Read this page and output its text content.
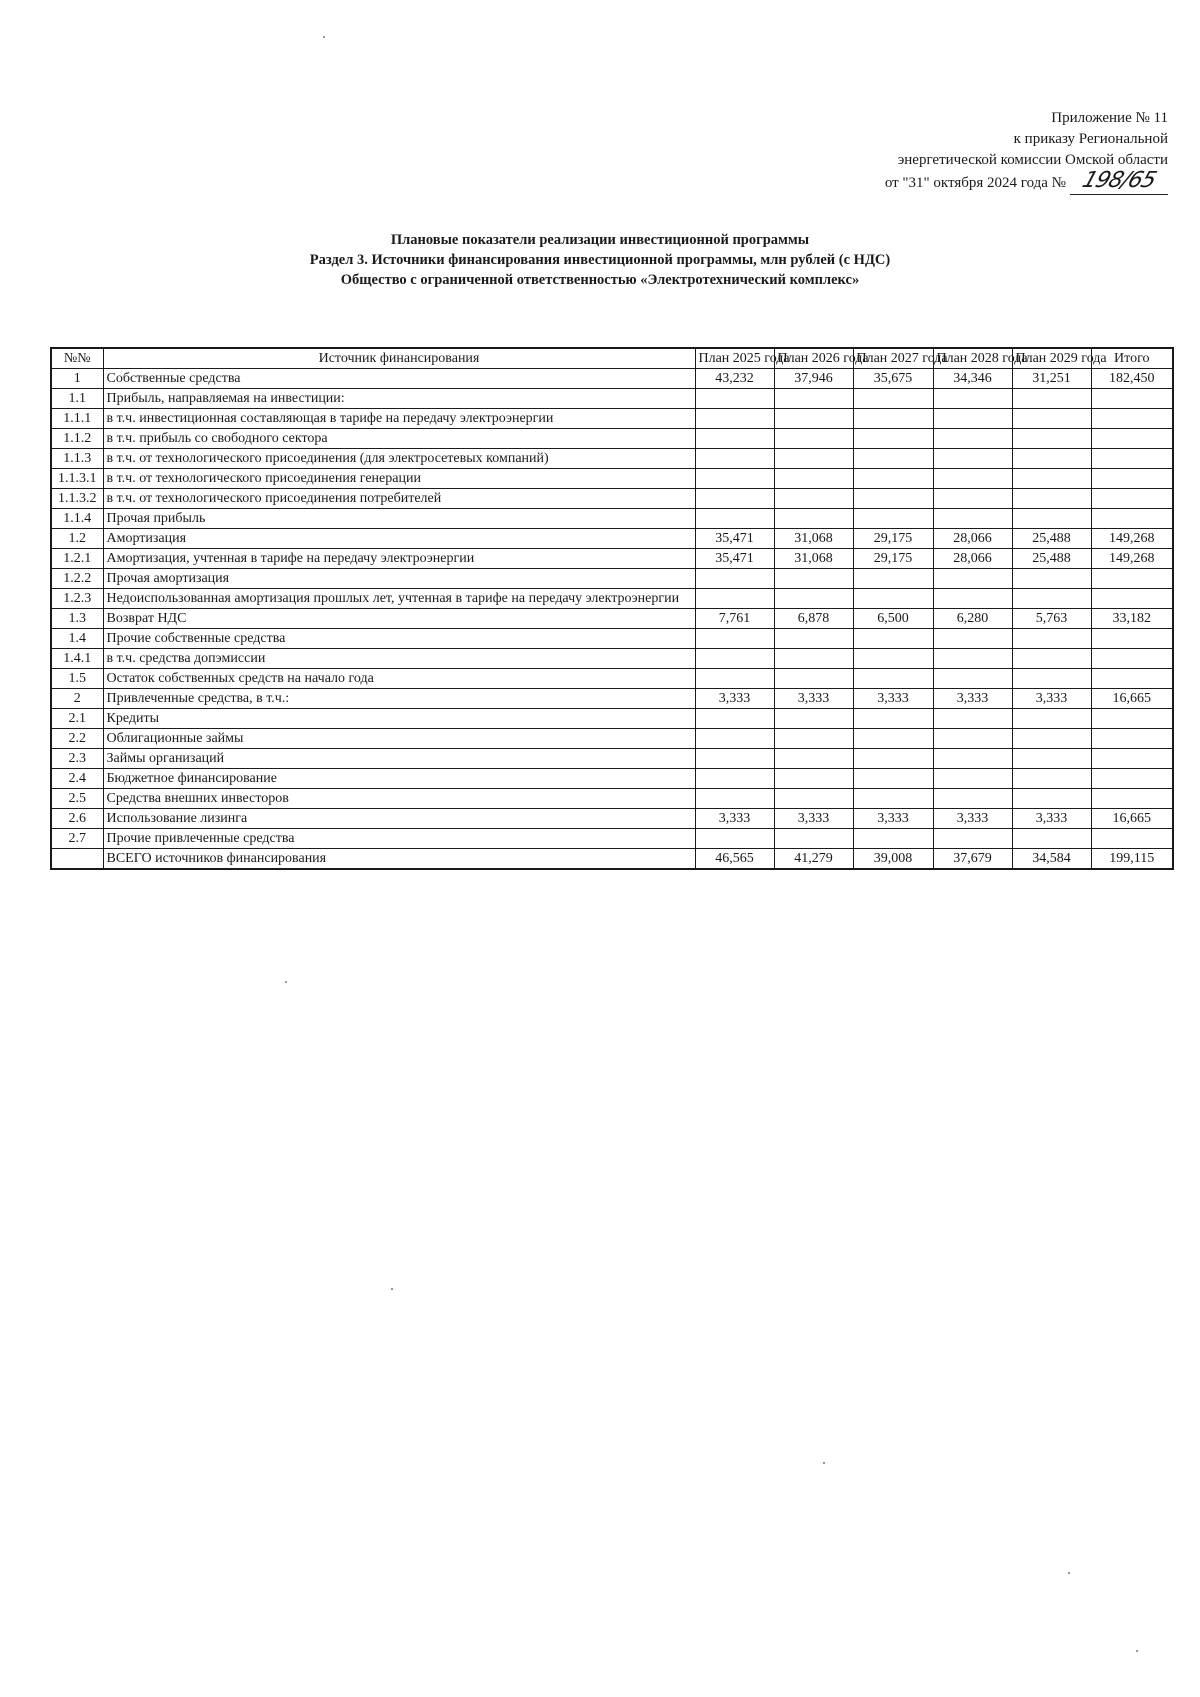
Приложение № 11
к приказу Региональной
энергетической комиссии Омской области
от "31" октября 2024 года № 198/65
Плановые показатели реализации инвестиционной программы
Раздел 3. Источники финансирования инвестиционной программы, млн рублей (с НДС)
Общество с ограниченной ответственностью «Электротехнический комплекс»
№№	Источник финансирования	План 2025 года	План 2026 года	План 2027 года	План 2028 года	План 2029 года	Итого
1	Собственные средства	43,232	37,946	35,675	34,346	31,251	182,450
1.1	Прибыль, направляемая на инвестиции:						
1.1.1	в т.ч. инвестиционная составляющая в тарифе на передачу электроэнергии						
1.1.2	в т.ч. прибыль со свободного сектора						
1.1.3	в т.ч. от технологического присоединения (для электросетевых компаний)						
1.1.3.1	в т.ч. от технологического присоединения генерации						
1.1.3.2	в т.ч. от технологического присоединения потребителей						
1.1.4	Прочая прибыль						
1.2	Амортизация	35,471	31,068	29,175	28,066	25,488	149,268
1.2.1	Амортизация, учтенная в тарифе на передачу электроэнергии	35,471	31,068	29,175	28,066	25,488	149,268
1.2.2	Прочая амортизация						
1.2.3	Недоиспользованная амортизация прошлых лет, учтенная в тарифе на передачу электроэнергии						
1.3	Возврат НДС	7,761	6,878	6,500	6,280	5,763	33,182
1.4	Прочие собственные средства						
1.4.1	в т.ч. средства допэмиссии						
1.5	Остаток собственных средств на начало года						
2	Привлеченные средства, в т.ч.:	3,333	3,333	3,333	3,333	3,333	16,665
2.1	Кредиты						
2.2	Облигационные займы						
2.3	Займы организаций						
2.4	Бюджетное финансирование						
2.5	Средства внешних инвесторов						
2.6	Использование лизинга	3,333	3,333	3,333	3,333	3,333	16,665
2.7	Прочие привлеченные средства						
	ВСЕГО источников финансирования	46,565	41,279	39,008	37,679	34,584	199,115
